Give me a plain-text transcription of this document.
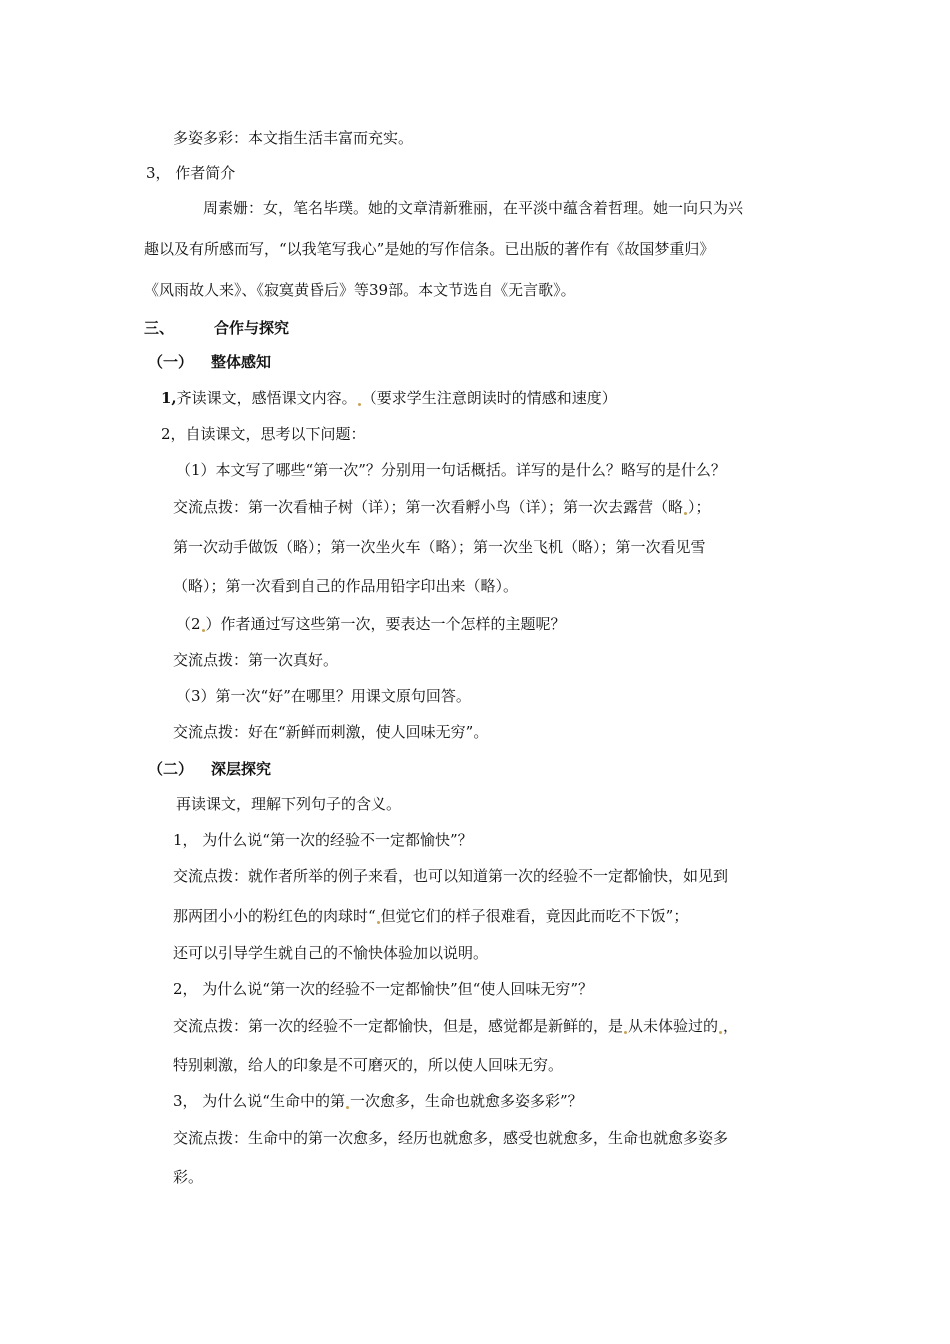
多姿多彩：本文指生活丰富而充实。
3， 作者简介
周素姗：女，笔名毕璞。她的文章清新雅丽，在平淡中蕴含着哲理。她一向只为兴
趣以及有所感而写，“以我笔写我心”是她的写作信条。已出版的著作有《故国梦重归》
《风雨故人来》、《寂寞黄昏后》等39部。本文节选自《无言歌》。
三、	合作与探究
（一） 整体感知
1,齐读课文，感悟课文内容。 （要求学生注意朗读时的情感和速度）
2，自读课文，思考以下问题：
（1）本文写了哪些“第一次”？分别用一句话概括。详写的是什么？略写的是什么？
交流点拨：第一次看柚子树（详）；第一次看孵小鸟（详）；第一次去露营（略 ）；
第一次动手做饭（略）；第一次坐火车（略）；第一次坐飞机（略）；第一次看见雪
（略）；第一次看到自己的作品用铅字印出来（略）。
（2 ）作者通过写这些第一次，要表达一个怎样的主题呢？
交流点拨：第一次真好。
（3）第一次“好”在哪里？用课文原句回答。
交流点拨：好在“新鲜而刺激，使人回味无穷”。
（二） 深层探究
再读课文，理解下列句子的含义。
1， 为什么说“第一次的经验不一定都愉快”？
交流点拨：就作者所举的例子来看，也可以知道第一次的经验不一定都愉快，如见到
那两团小小的粉红色的肉球时“ 但觉它们的样子很难看，竟因此而吃不下饭”；
还可以引导学生就自己的不愉快体验加以说明。
2， 为什么说“第一次的经验不一定都愉快”但“使人回味无穷”？
交流点拨：第一次的经验不一定都愉快，但是，感觉都是新鲜的，是 从未体验过的 ，
特别刺激，给人的印象是不可磨灭的，所以使人回味无穷。
3， 为什么说“生命中的第 一次愈多，生命也就愈多姿多彩”？
交流点拨：生命中的第一次愈多，经历也就愈多，感受也就愈多，生命也就愈多姿多
彩。
